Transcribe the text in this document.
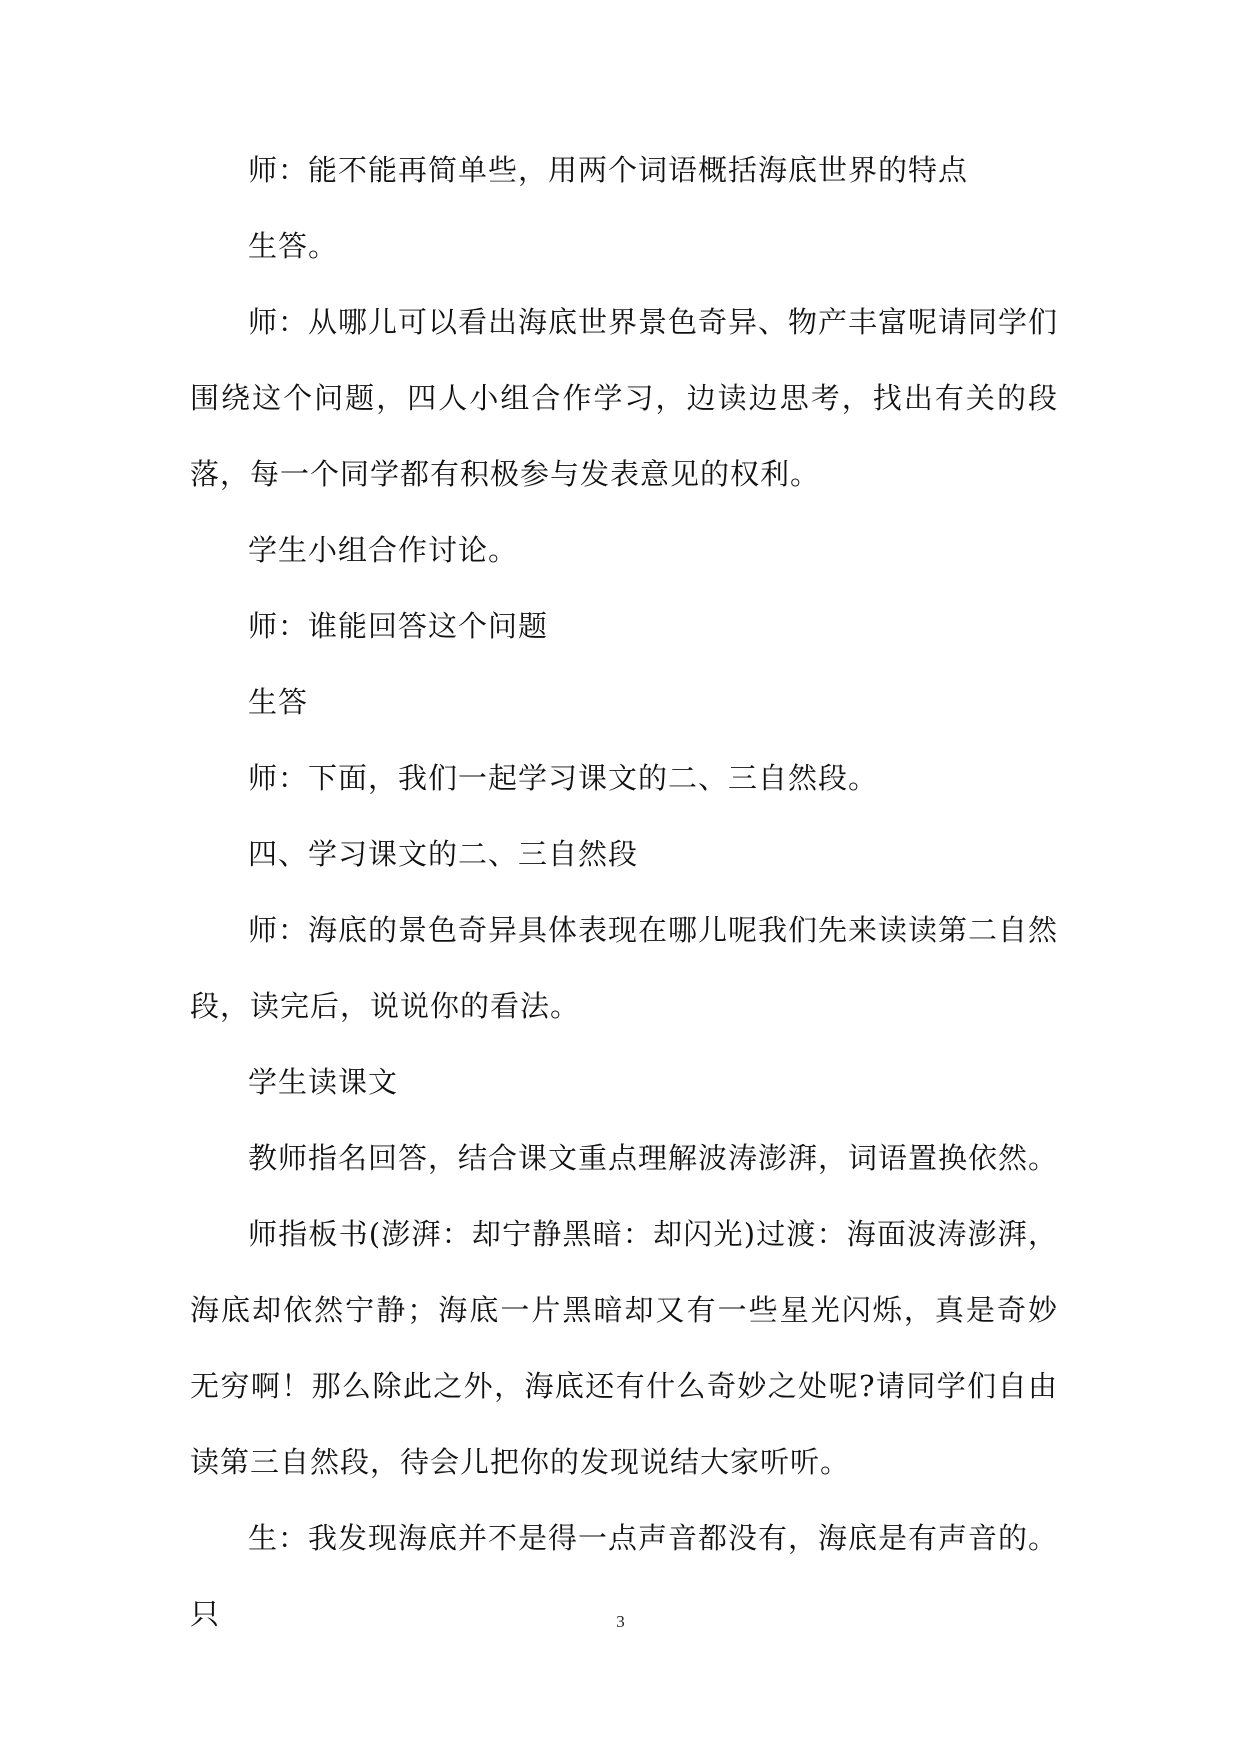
师：能不能再简单些，用两个词语概括海底世界的特点

生答。

师：从哪儿可以看出海底世界景色奇异、物产丰富呢请同学们围绕这个问题，四人小组合作学习，边读边思考，找出有关的段落，每一个同学都有积极参与发表意见的权利。

学生小组合作讨论。

师：谁能回答这个问题

生答

师：下面，我们一起学习课文的二、三自然段。

四、学习课文的二、三自然段

师：海底的景色奇异具体表现在哪儿呢我们先来读读第二自然段，读完后，说说你的看法。

学生读课文

教师指名回答，结合课文重点理解波涛澎湃，词语置换依然。

师指板书(澎湃：却宁静黑暗：却闪光)过渡：海面波涛澎湃，海底却依然宁静；海底一片黑暗却又有一些星光闪烁，真是奇妙无穷啊！那么除此之外，海底还有什么奇妙之处呢?请同学们自由读第三自然段，待会儿把你的发现说结大家听听。

生：我发现海底并不是得一点声音都没有，海底是有声音的。只	3
